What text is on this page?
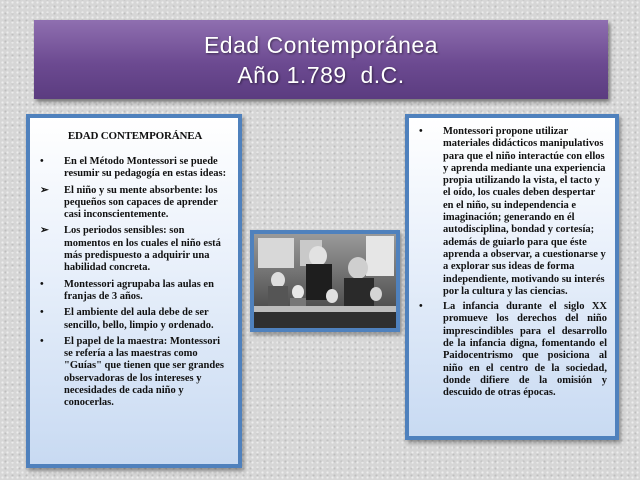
Edad Contemporánea
Año 1.789  d.C.
EDAD CONTEMPORÁNEA
•	En el Método Montessori se puede resumir su pedagogía en estas ideas:
➢	El niño y su mente absorbente: los pequeños son capaces de aprender casi inconscientemente.
➢	Los periodos sensibles: son momentos en los cuales el niño está más predispuesto a adquirir una habilidad concreta.
•	Montessori agrupaba las aulas en franjas de 3 años.
•	El ambiente del aula debe de ser sencillo, bello, limpio y ordenado.
•	El papel de la maestra: Montessori se refería a las maestras como "Guías" que tienen que ser grandes observadoras de los intereses y necesidades de cada niño y conocerlas.
•	Montessori propone utilizar materiales didácticos manipulativos para que el niño interactúe con ellos y aprenda mediante una experiencia propia utilizando la vista, el tacto y el oído, los cuales deben despertar en el niño, su independencia e imaginación; generando en él autodisciplina, bondad y cortesía; además de guiarlo para que éste aprenda a observar, a cuestionarse y a explorar sus ideas de forma independiente, motivando su interés por la cultura y las ciencias.
•	La infancia durante el siglo XX promueve los derechos del niño imprescindibles para el desarrollo de la infancia digna, fomentando el Paidocentrismo que posiciona al niño en el centro de la sociedad, donde difiere de la omisión y descuido de otras épocas.
